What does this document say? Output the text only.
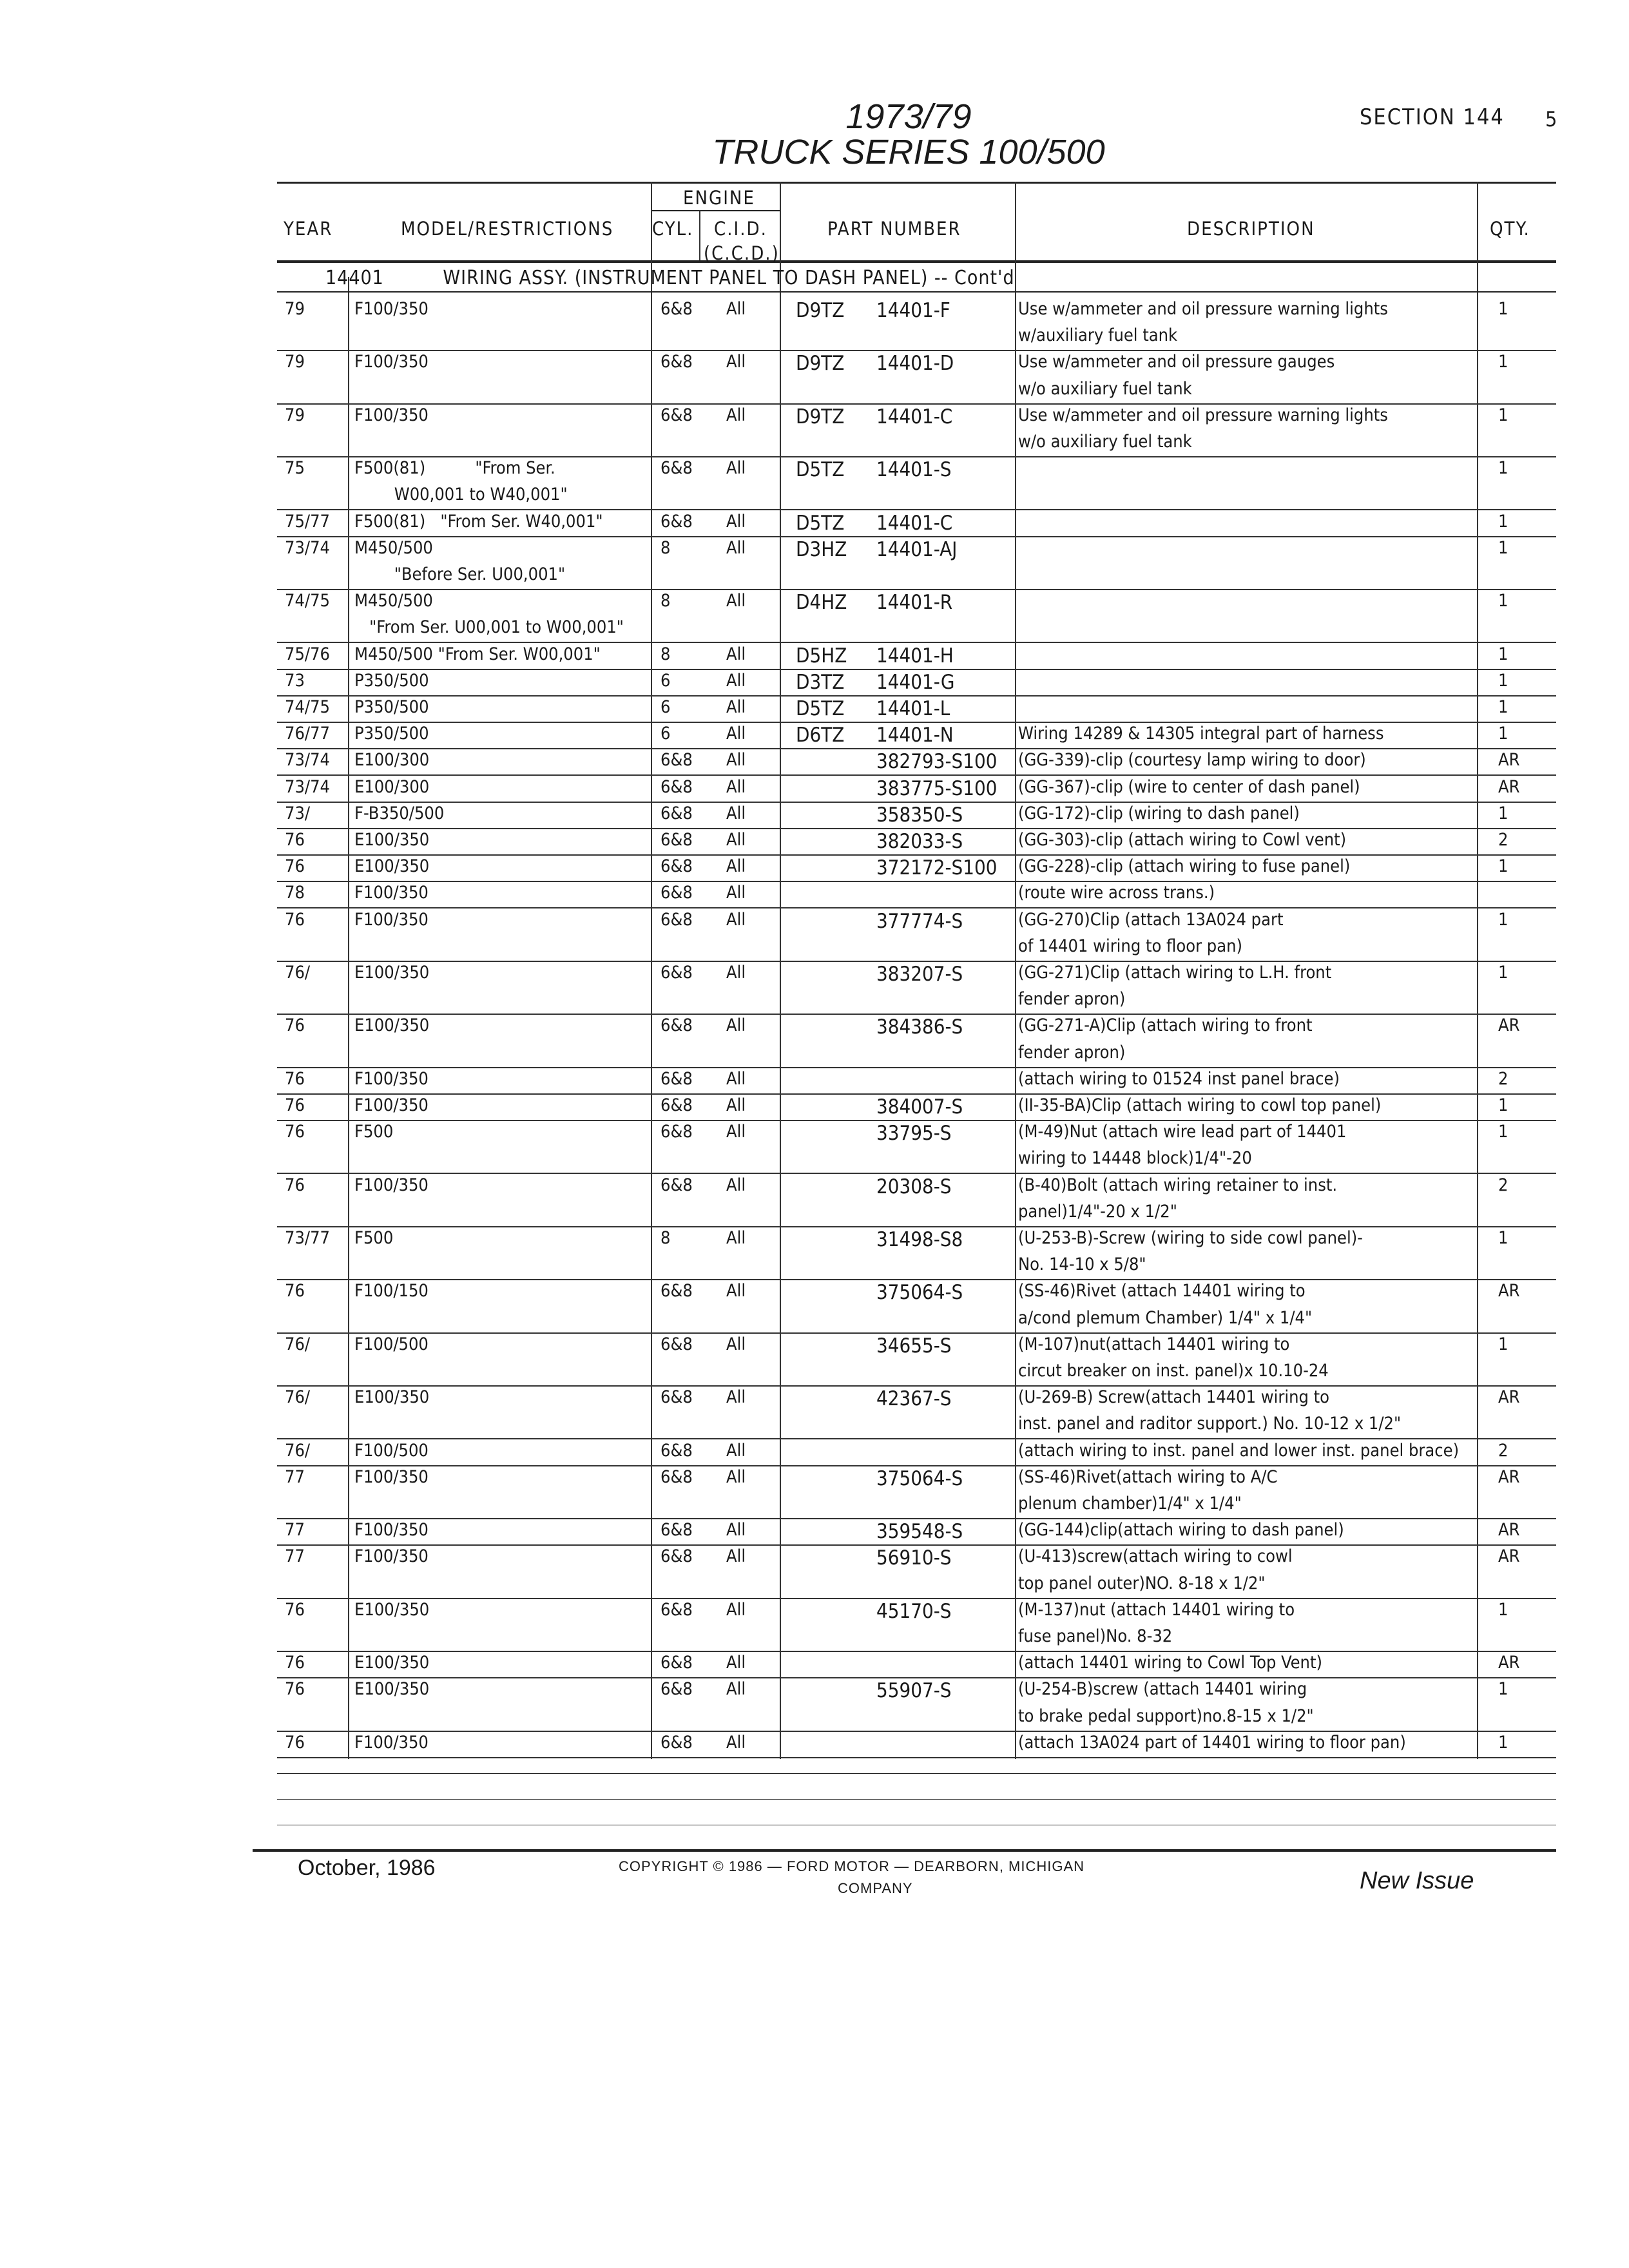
1973/79
TRUCK SERIES 100/500
SECTION 144 5
YEAR	MODEL/RESTRICTIONS
ENGINE
CYL. C.I.D.
(C.C.D.)
PART NUMBER	DESCRIPTION	QTY.
14401	WIRING ASSY. (INSTRUMENT PANEL TO DASH PANEL) -- Cont'd
79	F100/350	6&8 All	D9TZ 14401-F	Use w/ammeter and oil pressure warning lights	1
w/auxiliary fuel tank
79	F100/350	6&8 All	D9TZ 14401-D	Use w/ammeter and oil pressure gauges	1
w/o auxiliary fuel tank
79	F100/350	6&8 All	D9TZ 14401-C	Use w/ammeter and oil pressure warning lights	1
w/o auxiliary fuel tank
75	F500(81)          "From Ser.	6&8 All	D5TZ 14401-S	1
W00,001 to W40,001"
75/77 F500(81)   "From Ser. W40,001"	6&8 All	D5TZ 14401-C	1
73/74 M450/500	8	All	D3HZ 14401-AJ	1
"Before Ser. U00,001"
74/75 M450/500	8	All	D4HZ 14401-R	1
"From Ser. U00,001 to W00,001"
75/76 M450/500 "From Ser. W00,001"	8	All	D5HZ 14401-H	1
73	P350/500	6	All	D3TZ 14401-G	1
74/75 P350/500	6	All	D5TZ 14401-L	1
76/77 P350/500	6	All	D6TZ 14401-N	Wiring 14289 & 14305 integral part of harness	1
73/74 E100/300	6&8 All	382793-S100 (GG-339)-clip (courtesy lamp wiring to door)	AR
73/74 E100/300	6&8 All	383775-S100 (GG-367)-clip (wire to center of dash panel)	AR
73/	F-B350/500	6&8 All	358350-S	(GG-172)-clip (wiring to dash panel)	1
76	E100/350	6&8 All	382033-S	(GG-303)-clip (attach wiring to Cowl vent)	2
76	E100/350	6&8 All	372172-S100 (GG-228)-clip (attach wiring to fuse panel)	1
78	F100/350	6&8 All	(route wire across trans.)
76	F100/350	6&8 All	377774-S	(GG-270)Clip (attach 13A024 part	1
of 14401 wiring to floor pan)
76/	E100/350	6&8 All	383207-S	(GG-271)Clip (attach wiring to L.H. front	1
fender apron)
76	E100/350	6&8 All	384386-S	(GG-271-A)Clip (attach wiring to front	AR
fender apron)
76	F100/350	6&8 All	(attach wiring to 01524 inst panel brace)	2
76	F100/350	6&8 All	384007-S	(II-35-BA)Clip (attach wiring to cowl top panel)	1
76	F500	6&8 All	33795-S	(M-49)Nut (attach wire lead part of 14401	1
wiring to 14448 block)1/4"-20
76	F100/350	6&8 All	20308-S	(B-40)Bolt (attach wiring retainer to inst.	2
panel)1/4"-20 x 1/2"
73/77 F500	8	All	31498-S8	(U-253-B)-Screw (wiring to side cowl panel)-	1
No. 14-10 x 5/8"
76	F100/150	6&8 All	375064-S	(SS-46)Rivet (attach 14401 wiring to	AR
a/cond plemum Chamber) 1/4" x 1/4"
76/	F100/500	6&8 All	34655-S	(M-107)nut(attach 14401 wiring to	1
circut breaker on inst. panel)x 10.10-24
76/	E100/350	6&8 All	42367-S	(U-269-B) Screw(attach 14401 wiring to	AR
inst. panel and raditor support.) No. 10-12 x 1/2"
76/	F100/500	6&8 All	(attach wiring to inst. panel and lower inst. panel brace) 2
77	F100/350	6&8 All	375064-S	(SS-46)Rivet(attach wiring to A/C	AR
plenum chamber)1/4" x 1/4"
77	F100/350	6&8 All	359548-S	(GG-144)clip(attach wiring to dash panel)	AR
77	F100/350	6&8 All	56910-S	(U-413)screw(attach wiring to cowl	AR
top panel outer)NO. 8-18 x 1/2"
76	E100/350	6&8 All	45170-S	(M-137)nut (attach 14401 wiring to	1
fuse panel)No. 8-32
76	E100/350	6&8 All	(attach 14401 wiring to Cowl Top Vent)	AR
76	E100/350	6&8 All	55907-S	(U-254-B)screw (attach 14401 wiring	1
to brake pedal support)no.8-15 x 1/2"
76	F100/350	6&8 All	(attach 13A024 part of 14401 wiring to floor pan)	1
October, 1986	COPYRIGHT © 1986 — FORD MOTOR — DEARBORN, MICHIGAN
COMPANY	New Issue
